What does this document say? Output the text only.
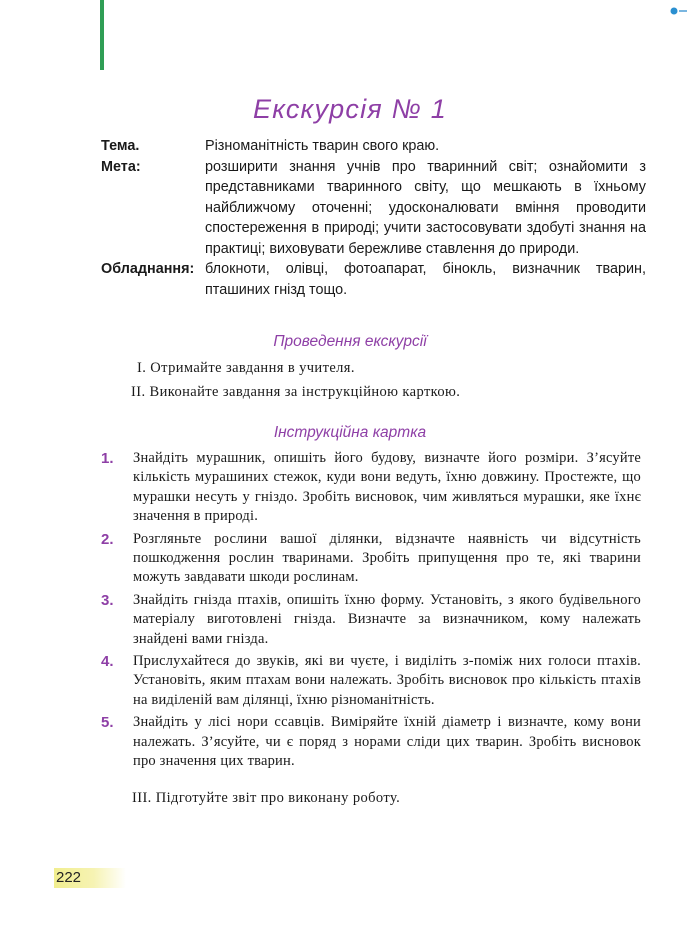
Екскурсія № 1
Тема.	Різноманітність тварин свого краю.
Мета:	розширити знання учнів про тваринний світ; ознайомити з представниками тваринного світу, що мешкають в їхньому найближчому оточенні; удосконалювати вміння проводити спостереження в природі; учити застосовувати здобуті знання на практиці; виховувати бережливе ставлення до природи.
Обладнання: блокноти, олівці, фотоапарат, бінокль, визначник тварин, пташиних гнізд тощо.
Проведення екскурсії
I. Отримайте завдання в учителя.
II. Виконайте завдання за інструкційною карткою.
Інструкційна картка
1.	Знайдіть мурашник, опишіть його будову, визначте його розміри. З’ясуйте кількість мурашиних стежок, куди вони ведуть, їхню довжину. Простежте, що мурашки несуть у гніздо. Зробіть висновок, чим живляться мурашки, яке їхнє значення в природі.
2.	Розгляньте рослини вашої ділянки, відзначте наявність чи відсутність пошкодження рослин тваринами. Зробіть припущення про те, які тварини можуть завдавати шкоди рослинам.
3.	Знайдіть гнізда птахів, опишіть їхню форму. Установіть, з якого будівельного матеріалу виготовлені гнізда. Визначте за визначником, кому належать знайдені вами гнізда.
4.	Прислухайтеся до звуків, які ви чуєте, і виділіть з-поміж них голоси птахів. Установіть, яким птахам вони належать. Зробіть висновок про кількість птахів на виділеній вам ділянці, їхню різноманітність.
5.	Знайдіть у лісі нори ссавців. Виміряйте їхній діаметр і визначте, кому вони належать. З’ясуйте, чи є поряд з норами сліди цих тварин. Зробіть висновок про значення цих тварин.
III. Підготуйте звіт про виконану роботу.
222
